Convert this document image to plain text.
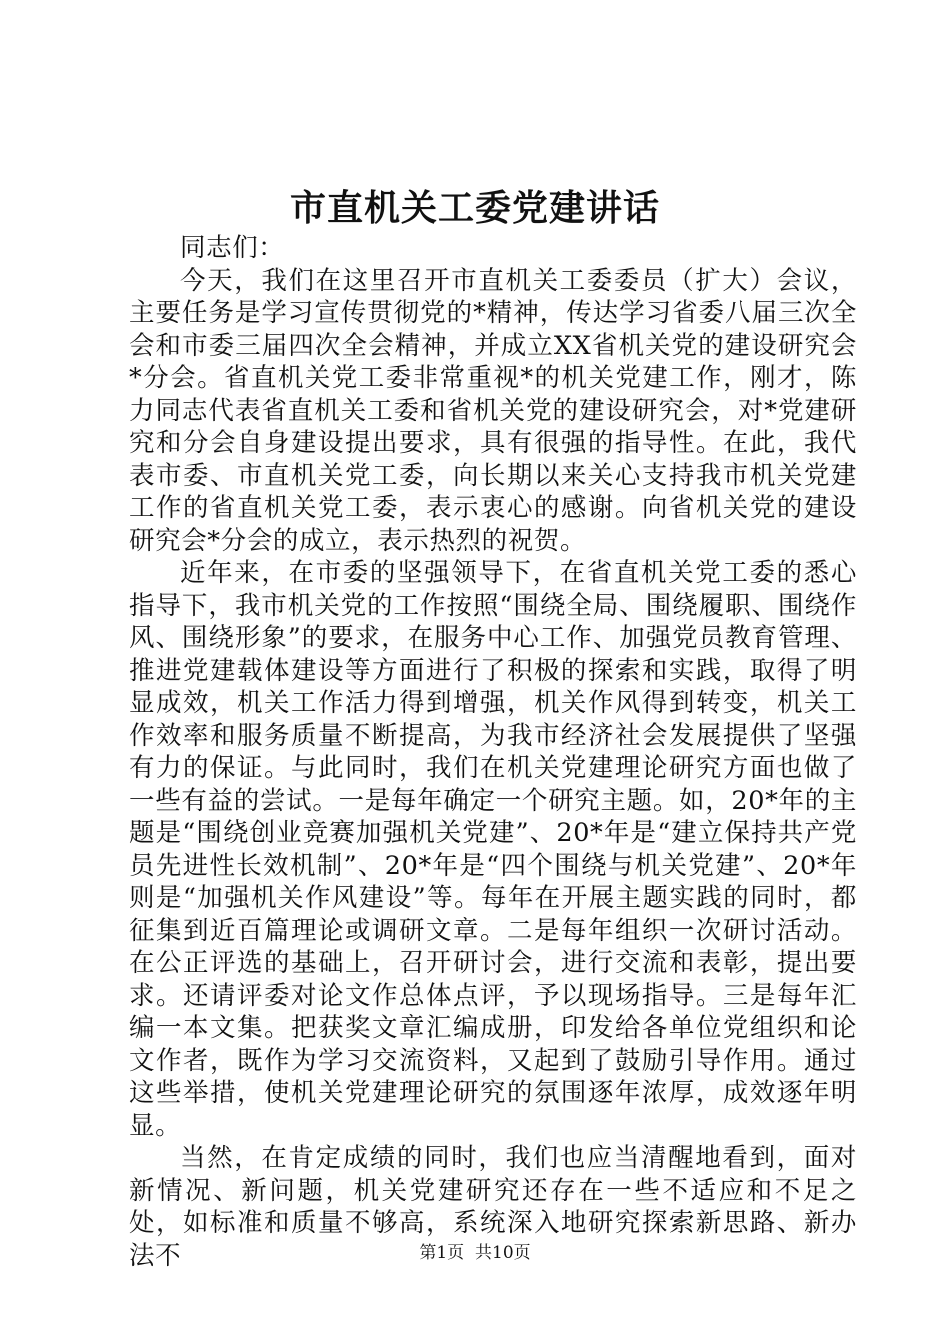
市直机关工委党建讲话

同志们：

今天，我们在这里召开市直机关工委委员（扩大）会议，主要任务是学习宣传贯彻党的*精神，传达学习省委八届三次全会和市委三届四次全会精神，并成立XX省机关党的建设研究会*分会。省直机关党工委非常重视*的机关党建工作，刚才，陈力同志代表省直机关工委和省机关党的建设研究会，对*党建研究和分会自身建设提出要求，具有很强的指导性。在此，我代表市委、市直机关党工委，向长期以来关心支持我市机关党建工作的省直机关党工委，表示衷心的感谢。向省机关党的建设研究会*分会的成立，表示热烈的祝贺。

近年来，在市委的坚强领导下，在省直机关党工委的悉心指导下，我市机关党的工作按照“围绕全局、围绕履职、围绕作风、围绕形象”的要求，在服务中心工作、加强党员教育管理、推进党建载体建设等方面进行了积极的探索和实践，取得了明显成效，机关工作活力得到增强，机关作风得到转变，机关工作效率和服务质量不断提高，为我市经济社会发展提供了坚强有力的保证。与此同时，我们在机关党建理论研究方面也做了一些有益的尝试。一是每年确定一个研究主题。如，20*年的主题是“围绕创业竞赛加强机关党建”、20*年是“建立保持共产党员先进性长效机制”、20*年是“四个围绕与机关党建”、20*年则是“加强机关作风建设”等。每年在开展主题实践的同时，都征集到近百篇理论或调研文章。二是每年组织一次研讨活动。在公正评选的基础上，召开研讨会，进行交流和表彰，提出要求。还请评委对论文作总体点评，予以现场指导。三是每年汇编一本文集。把获奖文章汇编成册，印发给各单位党组织和论文作者，既作为学习交流资料，又起到了鼓励引导作用。通过这些举措，使机关党建理论研究的氛围逐年浓厚，成效逐年明显。

当然，在肯定成绩的同时，我们也应当清醒地看到，面对新情况、新问题，机关党建研究还存在一些不适应和不足之处，如标准和质量不够高，系统深入地研究探索新思路、新办法不	第1页 共10页
